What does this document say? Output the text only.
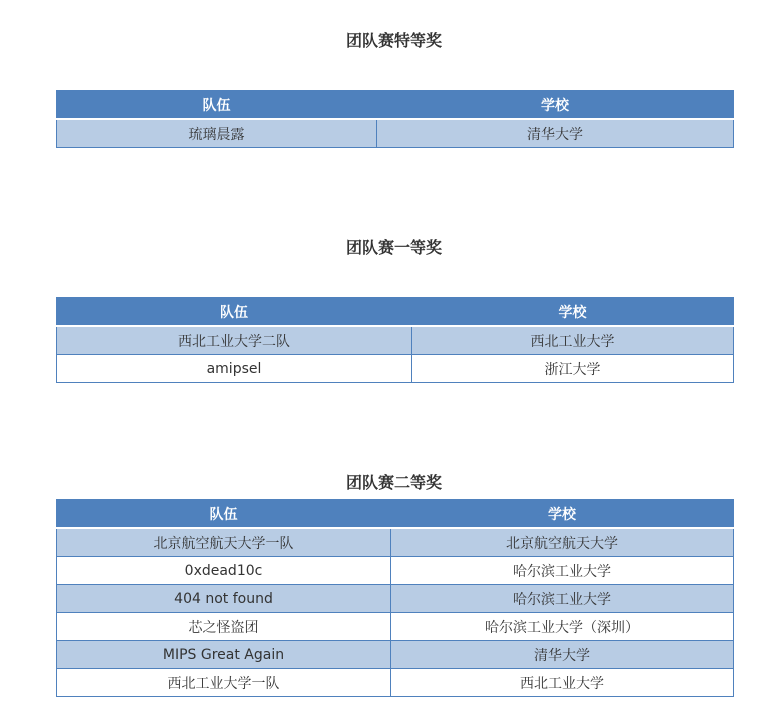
团队赛特等奖
队伍	学校
琉璃晨露	清华大学
团队赛一等奖
队伍	学校
西北工业大学二队	西北工业大学
amipsel	浙江大学
团队赛二等奖
队伍	学校
北京航空航天大学一队	北京航空航天大学
0xdead10c	哈尔滨工业大学
404 not found	哈尔滨工业大学
芯之怪盗团	哈尔滨工业大学（深圳）
MIPS Great Again	清华大学
西北工业大学一队	西北工业大学
